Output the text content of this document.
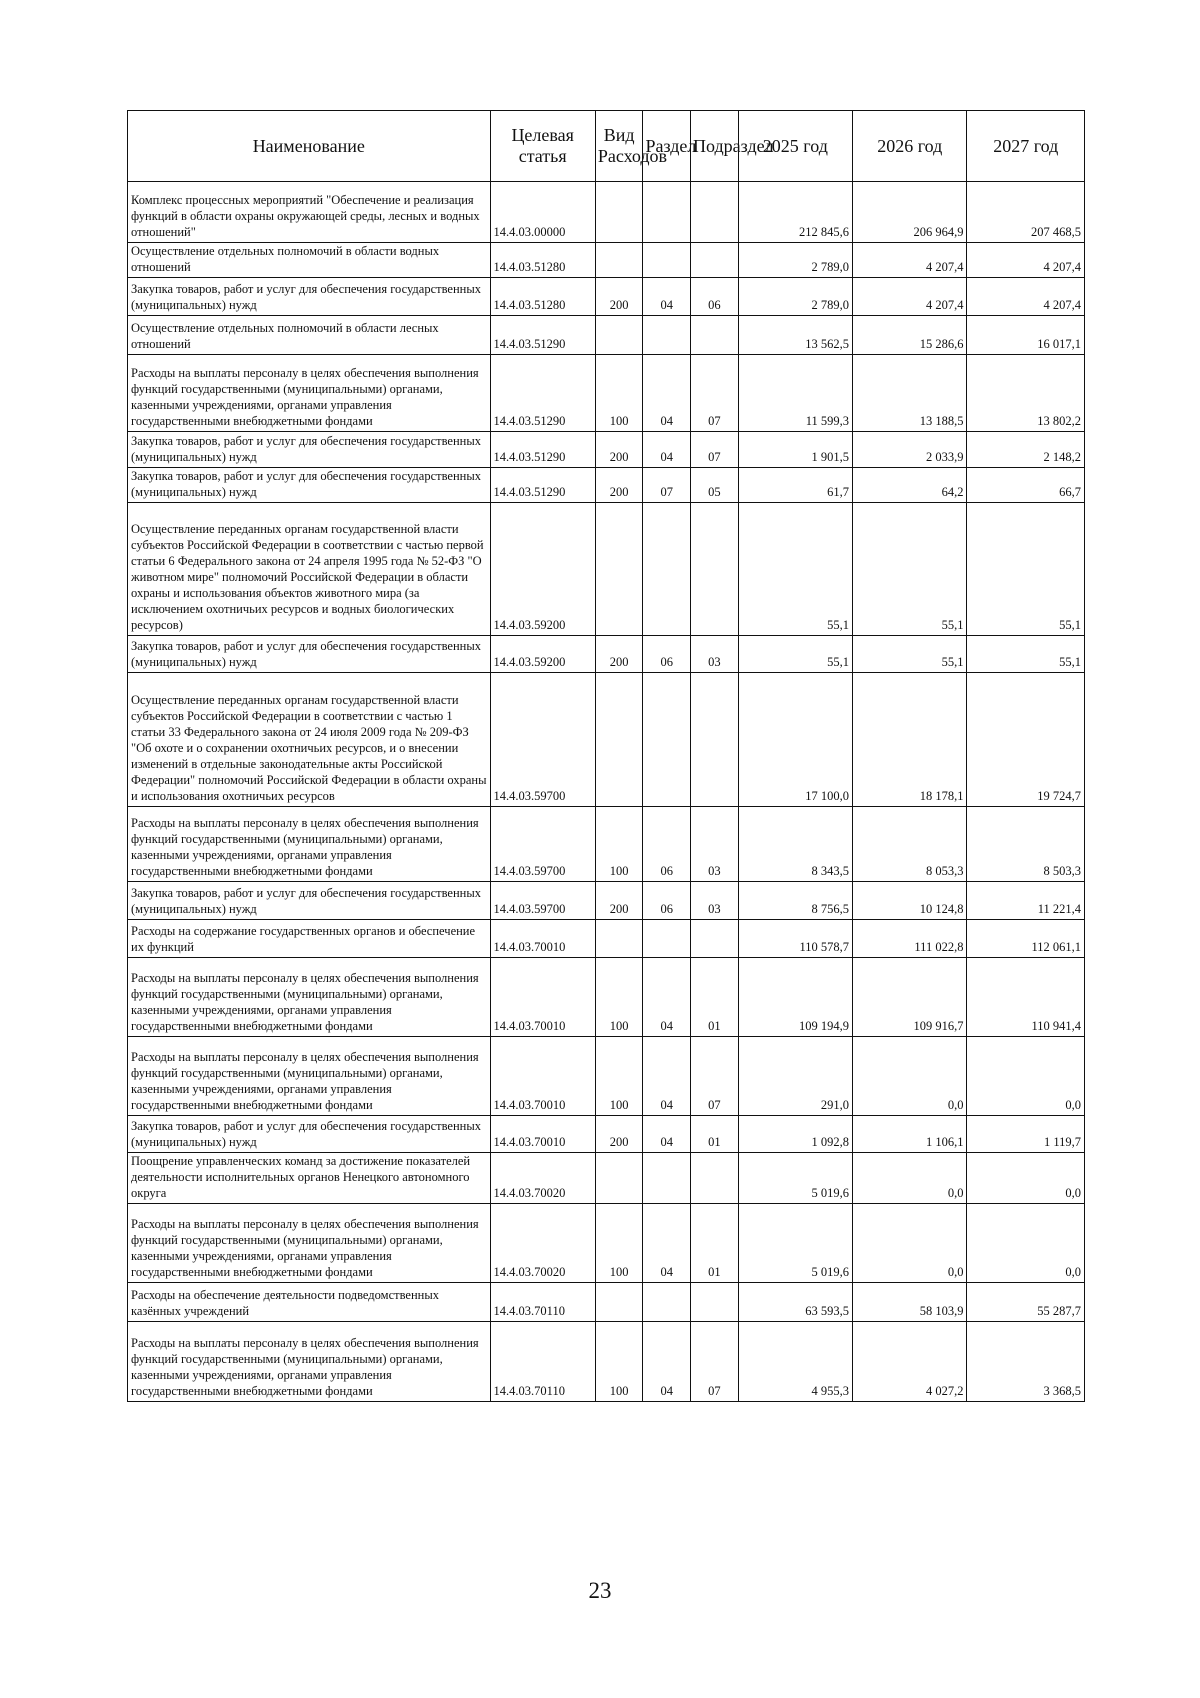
Наименование	Целевая статья	Вид Расходов	Раздел	Подраздел	2025 год	2026 год	2027 год
Комплекс процессных мероприятий "Обеспечение и реализация функций в области охраны окружающей среды, лесных и водных отношений"	14.4.03.00000				212 845,6	206 964,9	207 468,5
Осуществление отдельных полномочий в области водных отношений	14.4.03.51280				2 789,0	4 207,4	4 207,4
Закупка товаров, работ и услуг для обеспечения государственных (муниципальных) нужд	14.4.03.51280	200	04	06	2 789,0	4 207,4	4 207,4
Осуществление отдельных полномочий в области лесных отношений	14.4.03.51290				13 562,5	15 286,6	16 017,1
Расходы на выплаты персоналу в целях обеспечения выполнения функций государственными (муниципальными) органами, казенными учреждениями, органами управления государственными внебюджетными фондами	14.4.03.51290	100	04	07	11 599,3	13 188,5	13 802,2
Закупка товаров, работ и услуг для обеспечения государственных (муниципальных) нужд	14.4.03.51290	200	04	07	1 901,5	2 033,9	2 148,2
Закупка товаров, работ и услуг для обеспечения государственных (муниципальных) нужд	14.4.03.51290	200	07	05	61,7	64,2	66,7
Осуществление переданных органам государственной власти субъектов Российской Федерации в соответствии с частью первой статьи 6 Федерального закона от 24 апреля 1995 года № 52-ФЗ "О животном мире" полномочий Российской Федерации в области охраны и использования объектов животного мира (за исключением охотничьих ресурсов и водных биологических ресурсов)	14.4.03.59200				55,1	55,1	55,1
Закупка товаров, работ и услуг для обеспечения государственных (муниципальных) нужд	14.4.03.59200	200	06	03	55,1	55,1	55,1
Осуществление переданных органам государственной власти субъектов Российской Федерации в соответствии с частью 1 статьи 33 Федерального закона от 24 июля 2009 года № 209-ФЗ "Об охоте и о сохранении охотничьих ресурсов, и о внесении изменений в отдельные законодательные акты Российской Федерации" полномочий Российской Федерации в области охраны и использования охотничьих ресурсов	14.4.03.59700				17 100,0	18 178,1	19 724,7
Расходы на выплаты персоналу в целях обеспечения выполнения функций государственными (муниципальными) органами, казенными учреждениями, органами управления государственными внебюджетными фондами	14.4.03.59700	100	06	03	8 343,5	8 053,3	8 503,3
Закупка товаров, работ и услуг для обеспечения государственных (муниципальных) нужд	14.4.03.59700	200	06	03	8 756,5	10 124,8	11 221,4
Расходы на содержание государственных органов и обеспечение их функций	14.4.03.70010				110 578,7	111 022,8	112 061,1
Расходы на выплаты персоналу в целях обеспечения выполнения функций государственными (муниципальными) органами, казенными учреждениями, органами управления государственными внебюджетными фондами	14.4.03.70010	100	04	01	109 194,9	109 916,7	110 941,4
Расходы на выплаты персоналу в целях обеспечения выполнения функций государственными (муниципальными) органами, казенными учреждениями, органами управления государственными внебюджетными фондами	14.4.03.70010	100	04	07	291,0	0,0	0,0
Закупка товаров, работ и услуг для обеспечения государственных (муниципальных) нужд	14.4.03.70010	200	04	01	1 092,8	1 106,1	1 119,7
Поощрение управленческих команд за достижение показателей деятельности исполнительных органов Ненецкого автономного округа	14.4.03.70020				5 019,6	0,0	0,0
Расходы на выплаты персоналу в целях обеспечения выполнения функций государственными (муниципальными) органами, казенными учреждениями, органами управления государственными внебюджетными фондами	14.4.03.70020	100	04	01	5 019,6	0,0	0,0
Расходы на обеспечение деятельности подведомственных казённых учреждений	14.4.03.70110				63 593,5	58 103,9	55 287,7
Расходы на выплаты персоналу в целях обеспечения выполнения функций государственными (муниципальными) органами, казенными учреждениями, органами управления государственными внебюджетными фондами	14.4.03.70110	100	04	07	4 955,3	4 027,2	3 368,5
23
